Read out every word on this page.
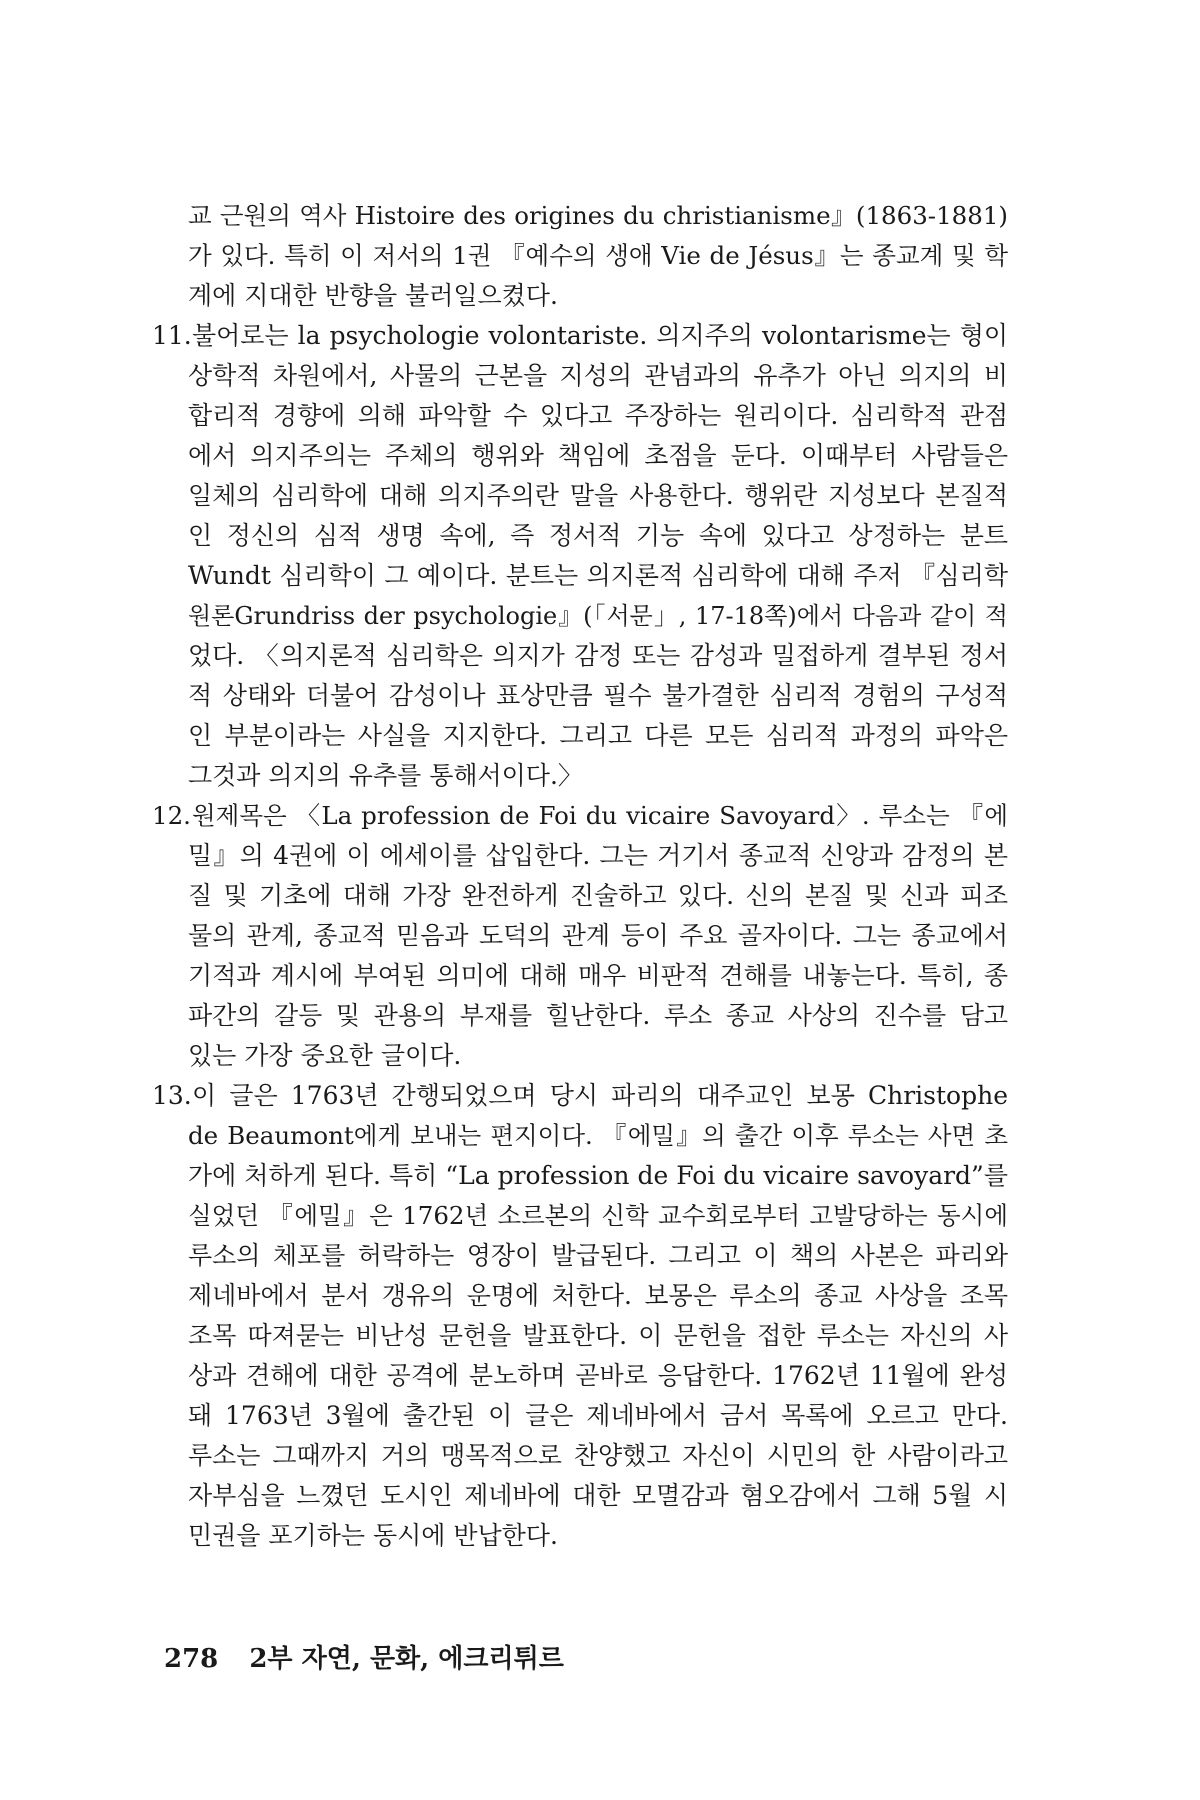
교 근원의 역사 Histoire des origines du christianisme』(1863-1881)
가 있다. 특히 이 저서의 1권 『예수의 생애 Vie de Jésus』는 종교계 및 학
계에 지대한 반향을 불러일으켰다.
11.불어로는 la psychologie volontariste. 의지주의 volontarisme는 형이
상학적 차원에서, 사물의 근본을 지성의 관념과의 유추가 아닌 의지의 비
합리적 경향에 의해 파악할 수 있다고 주장하는 원리이다. 심리학적 관점
에서 의지주의는 주체의 행위와 책임에 초점을 둔다. 이때부터 사람들은
일체의 심리학에 대해 의지주의란 말을 사용한다. 행위란 지성보다 본질적
인 정신의 심적 생명 속에, 즉 정서적 기능 속에 있다고 상정하는 분트
Wundt 심리학이 그 예이다. 분트는 의지론적 심리학에 대해 주저 『심리학
원론Grundriss der psychologie』(「서문」, 17-18쪽)에서 다음과 같이 적
었다. 〈의지론적 심리학은 의지가 감정 또는 감성과 밀접하게 결부된 정서
적 상태와 더불어 감성이나 표상만큼 필수 불가결한 심리적 경험의 구성적
인 부분이라는 사실을 지지한다. 그리고 다른 모든 심리적 과정의 파악은
그것과 의지의 유추를 통해서이다.〉
12.원제목은 〈La profession de Foi du vicaire Savoyard〉. 루소는 『에
밀』의 4권에 이 에세이를 삽입한다. 그는 거기서 종교적 신앙과 감정의 본
질 및 기초에 대해 가장 완전하게 진술하고 있다. 신의 본질 및 신과 피조
물의 관계, 종교적 믿음과 도덕의 관계 등이 주요 골자이다. 그는 종교에서
기적과 계시에 부여된 의미에 대해 매우 비판적 견해를 내놓는다. 특히, 종
파간의 갈등 및 관용의 부재를 힐난한다. 루소 종교 사상의 진수를 담고
있는 가장 중요한 글이다.
13.이 글은 1763년 간행되었으며 당시 파리의 대주교인 보몽 Christophe
de Beaumont에게 보내는 편지이다. 『에밀』의 출간 이후 루소는 사면 초
가에 처하게 된다. 특히 “La profession de Foi du vicaire savoyard”를
실었던 『에밀』은 1762년 소르본의 신학 교수회로부터 고발당하는 동시에
루소의 체포를 허락하는 영장이 발급된다. 그리고 이 책의 사본은 파리와
제네바에서 분서 갱유의 운명에 처한다. 보몽은 루소의 종교 사상을 조목
조목 따져묻는 비난성 문헌을 발표한다. 이 문헌을 접한 루소는 자신의 사
상과 견해에 대한 공격에 분노하며 곧바로 응답한다. 1762년 11월에 완성
돼 1763년 3월에 출간된 이 글은 제네바에서 금서 목록에 오르고 만다.
루소는 그때까지 거의 맹목적으로 찬양했고 자신이 시민의 한 사람이라고
자부심을 느꼈던 도시인 제네바에 대한 모멸감과 혐오감에서 그해 5월 시
민권을 포기하는 동시에 반납한다.
278 2부 자연, 문화, 에크리튀르
